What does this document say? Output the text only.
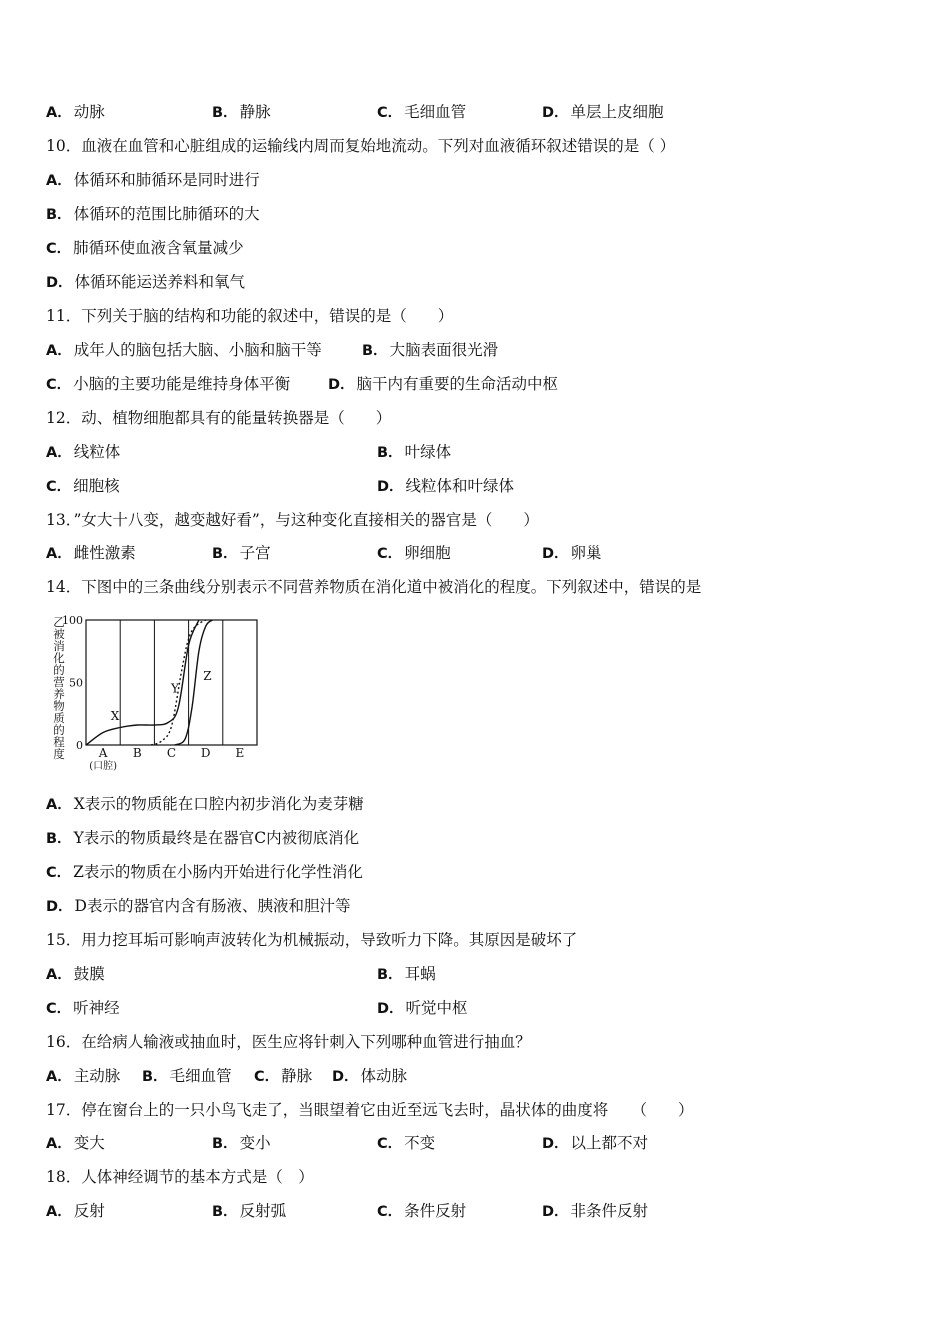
A． 动脉	B． 静脉	C． 毛细血管	D． 单层上皮细胞
10．血液在血管和心脏组成的运输线内周而复始地流动。下列对血液循环叙述错误的是（ ）
A． 体循环和肺循环是同时进行
B． 体循环的范围比肺循环的大
C． 肺循环使血液含氧量减少
D． 体循环能运送养料和氧气
11．下列关于脑的结构和功能的叙述中，错误的是（　　）
A． 成年人的脑包括大脑、小脑和脑干等	B． 大脑表面很光滑
C． 小脑的主要功能是维持身体平衡	D． 脑干内有重要的生命活动中枢
12．动、植物细胞都具有的能量转换器是（　　）
A． 线粒体	B． 叶绿体
C． 细胞核	D． 线粒体和叶绿体
13．”女大十八变，越变越好看”，与这种变化直接相关的器官是（　　）
A． 雌性激素	B． 子宫	C． 卵细胞	D． 卵巢
14．下图中的三条曲线分别表示不同营养物质在消化道中被消化的程度。下列叙述中，错误的是
乙
被
消
化
的
营
养
物
质
的
程
度
0
50
100
A B C D E
(口腔)
X
Y
Z
A． X表示的物质能在口腔内初步消化为麦芽糖
B． Y表示的物质最终是在器官C内被彻底消化
C． Z表示的物质在小肠内开始进行化学性消化
D． D表示的器官内含有肠液、胰液和胆汁等
15．用力挖耳垢可影响声波转化为机械振动，导致听力下降。其原因是破坏了
A． 鼓膜	B． 耳蜗
C． 听神经	D． 听觉中枢
16．在给病人输液或抽血时，医生应将针刺入下列哪种血管进行抽血？
A． 主动脉 B． 毛细血管 C． 静脉 D． 体动脉
17．停在窗台上的一只小鸟飞走了，当眼望着它由近至远飞去时，晶状体的曲度将　　（　　）
A． 变大	B． 变小	C． 不变	D． 以上都不对
18．人体神经调节的基本方式是（　）
A． 反射	B． 反射弧	C． 条件反射	D． 非条件反射
